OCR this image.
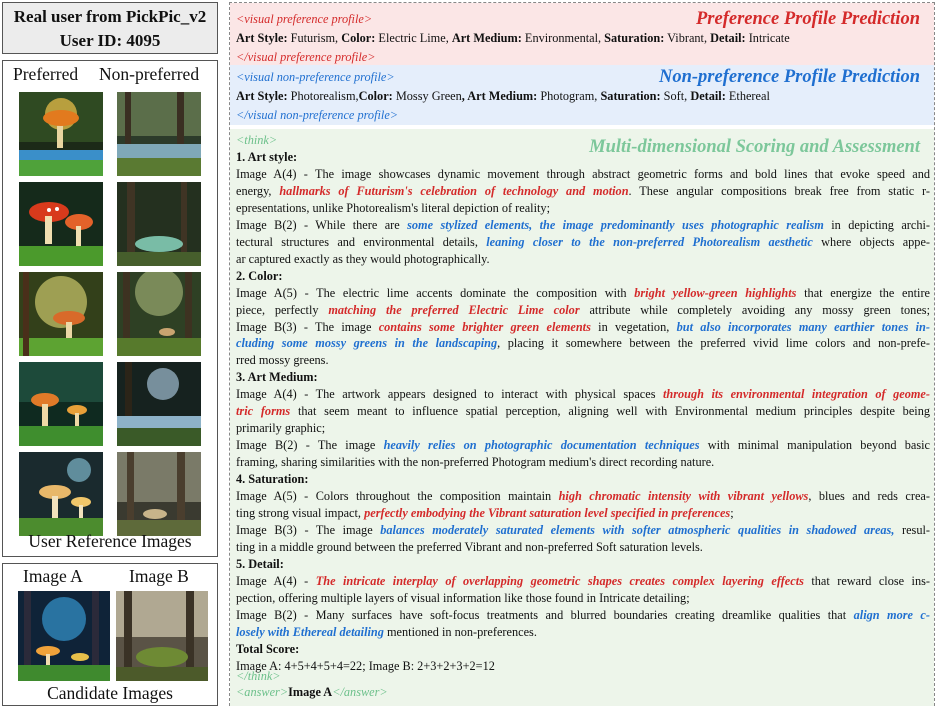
Real user from PickPic_v2
User ID: 4095
Preferred Non-preferred
User Reference Images
Image A	Image B
Candidate Images
<visual preference profile>	Preference Profile Prediction
Art Style: Futurism, Color: Electric Lime, Art Medium: Environmental, Saturation: Vibrant, Detail: Intricate
</visual preference profile>
<visual non-preference profile>	Non-preference Profile Prediction
Art Style: Photorealism,Color: Mossy Green, Art Medium: Photogram, Saturation: Soft, Detail: Ethereal
</visual non-preference profile>
<think>	Multi-dimensional Scoring and Assessment
1. Art style:
Image A(4) - The image showcases dynamic movement through abstract geometric forms and bold lines that evoke speed and
energy, hallmarks of Futurism's celebration of technology and motion. These angular compositions break free from static r-
epresentations, unlike Photorealism's literal depiction of reality;
Image B(2) - While there are some stylized elements, the image predominantly uses photographic realism in depicting archi-
tectural structures and environmental details, leaning closer to the non-preferred Photorealism aesthetic where objects appe-
ar captured exactly as they would photographically.
2. Color:
Image A(5) - The electric lime accents dominate the composition with bright yellow-green highlights that energize the entire
piece, perfectly matching the preferred Electric Lime color attribute while completely avoiding any mossy green tones;
Image B(3) - The image contains some brighter green elements in vegetation, but also incorporates many earthier tones in-
cluding some mossy greens in the landscaping, placing it somewhere between the preferred vivid lime colors and non-prefe-
rred mossy greens.
3. Art Medium:
Image A(4) - The artwork appears designed to interact with physical spaces through its environmental integration of geome-
tric forms that seem meant to influence spatial perception, aligning well with Environmental medium principles despite being
primarily graphic;
Image B(2) - The image heavily relies on photographic documentation techniques with minimal manipulation beyond basic
framing, sharing similarities with the non-preferred Photogram medium's direct recording nature.
4. Saturation:
Image A(5) - Colors throughout the composition maintain high chromatic intensity with vibrant yellows, blues and reds crea-
ting strong visual impact, perfectly embodying the Vibrant saturation level specified in preferences;
Image B(3) - The image balances moderately saturated elements with softer atmospheric qualities in shadowed areas, resul-
ting in a middle ground between the preferred Vibrant and non-preferred Soft saturation levels.
5. Detail:
Image A(4) - The intricate interplay of overlapping geometric shapes creates complex layering effects that reward close ins-
pection, offering multiple layers of visual information like those found in Intricate detailing;
Image B(2) - Many surfaces have soft-focus treatments and blurred boundaries creating dreamlike qualities that align more c-
losely with Ethereal detailing mentioned in non-preferences.
Total Score:
Image A: 4+5+4+5+4=22; Image B: 2+3+2+3+2=12
</think>
<answer>Image A</answer>
